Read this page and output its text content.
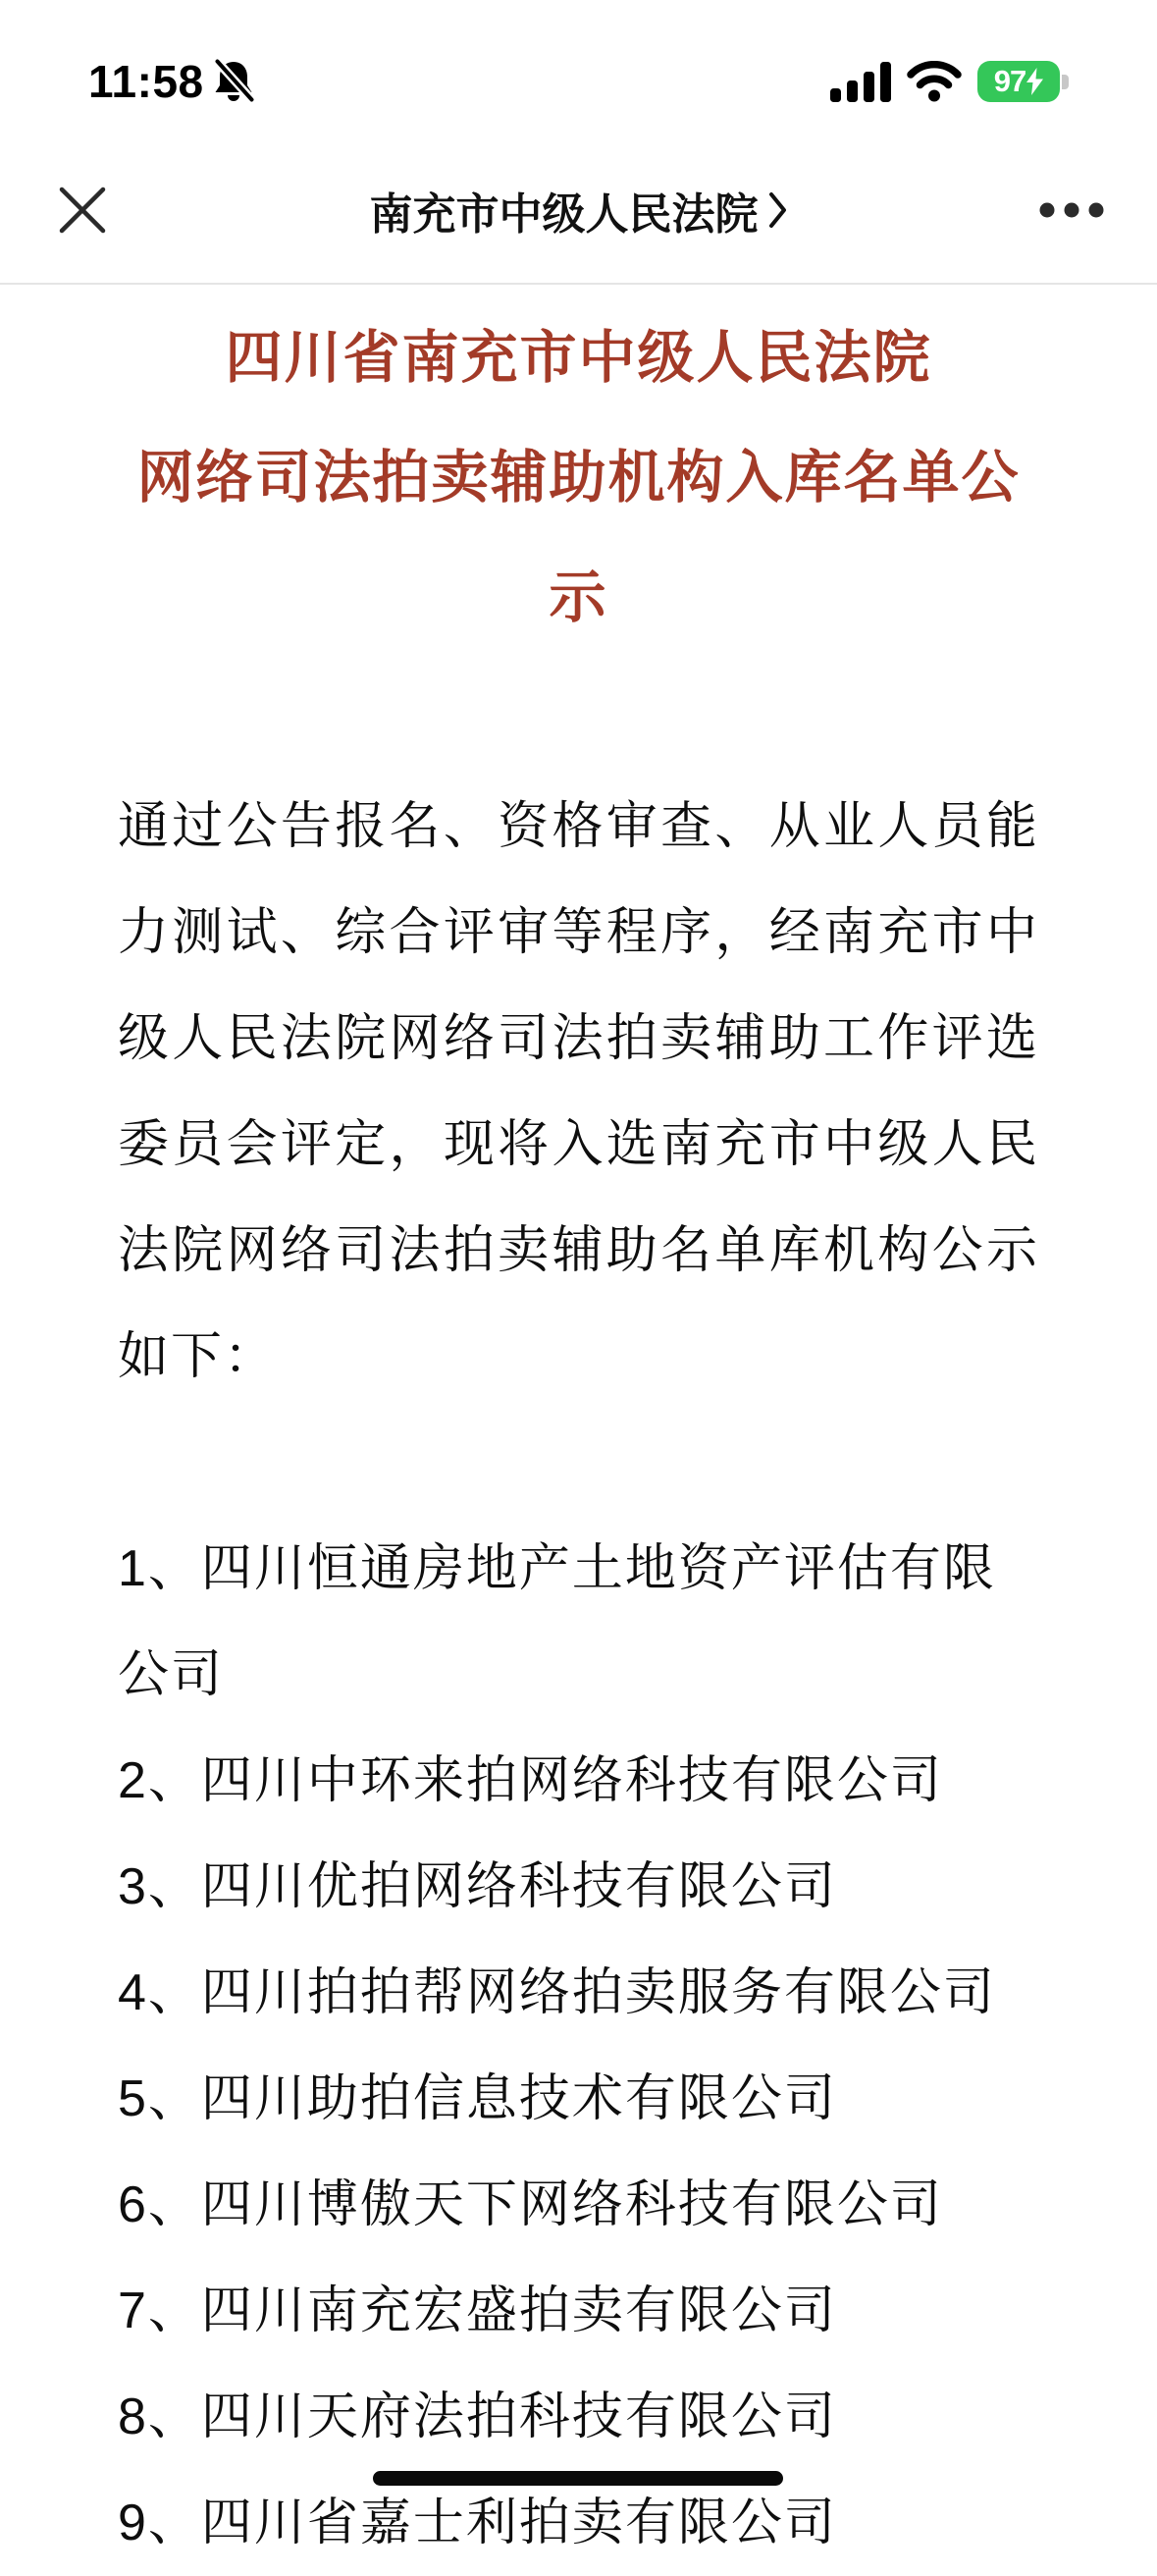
11:58	97
南充市中级人民法院
四川省南充市中级人民法院
网络司法拍卖辅助机构入库名单公示

通过公告报名、资格审查、从业人员能力测试、综合评审等程序，经南充市中级人民法院网络司法拍卖辅助工作评选委员会评定，现将入选南充市中级人民法院网络司法拍卖辅助名单库机构公示如下：

1、四川恒通房地产土地资产评估有限公司

2、四川中环来拍网络科技有限公司

3、四川优拍网络科技有限公司

4、四川拍拍帮网络拍卖服务有限公司

5、四川助拍信息技术有限公司

6、四川博傲天下网络科技有限公司

7、四川南充宏盛拍卖有限公司

8、四川天府法拍科技有限公司

9、四川省嘉士利拍卖有限公司
